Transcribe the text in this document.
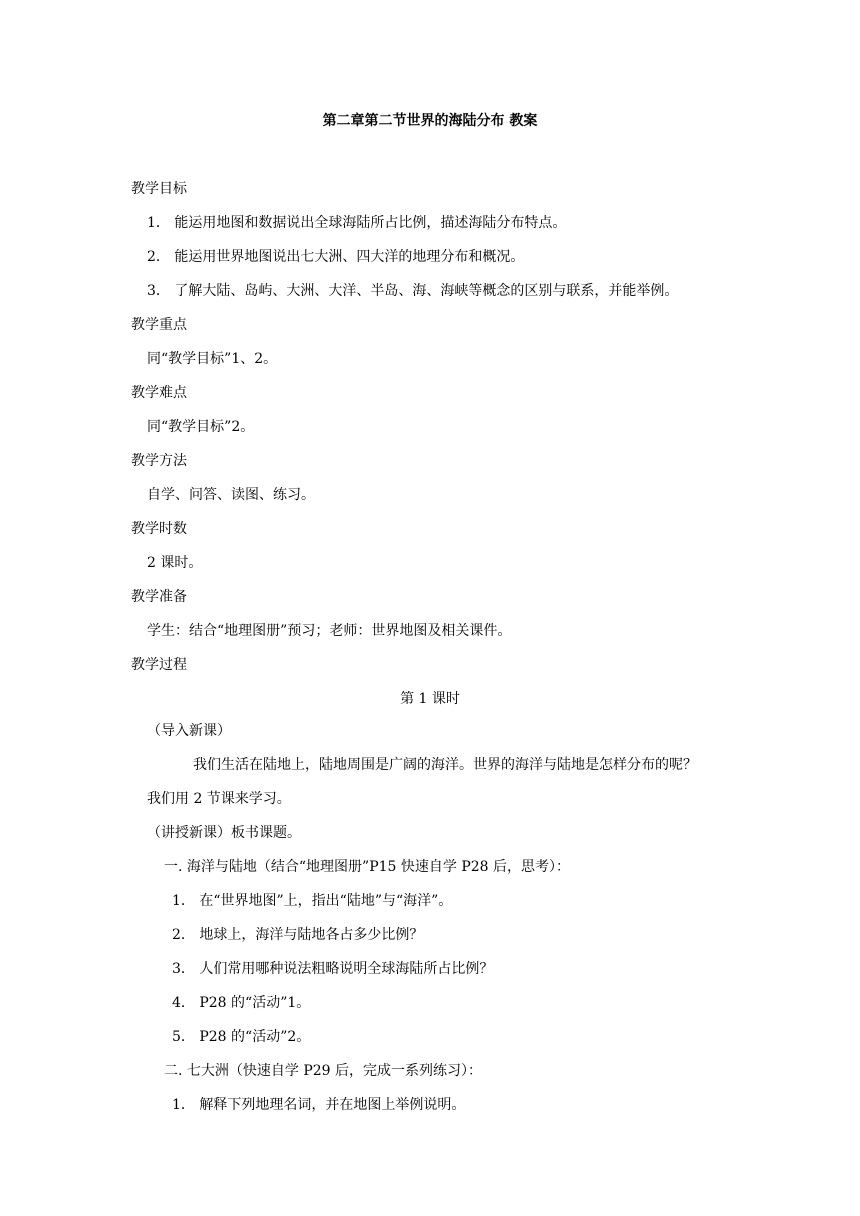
第二章第二节世界的海陆分布 教案
教学目标
1． 能运用地图和数据说出全球海陆所占比例，描述海陆分布特点。
2． 能运用世界地图说出七大洲、四大洋的地理分布和概况。
3． 了解大陆、岛屿、大洲、大洋、半岛、海、海峡等概念的区别与联系，并能举例。
教学重点
同“教学目标”1、2。
教学难点
同“教学目标”2。
教学方法
自学、问答、读图、练习。
教学时数
2 课时。
教学准备
学生：结合“地理图册”预习；老师：世界地图及相关课件。
教学过程
第 1 课时
（导入新课）
我们生活在陆地上，陆地周围是广阔的海洋。世界的海洋与陆地是怎样分布的呢？
我们用 2 节课来学习。
（讲授新课）板书课题。
一. 海洋与陆地（结合“地理图册”P15 快速自学 P28 后，思考）：
1． 在“世界地图”上，指出“陆地”与“海洋”。
2． 地球上，海洋与陆地各占多少比例？
3． 人们常用哪种说法粗略说明全球海陆所占比例？
4． P28 的“活动”1。
5． P28 的“活动”2。
二. 七大洲（快速自学 P29 后，完成一系列练习）：
1． 解释下列地理名词，并在地图上举例说明。
